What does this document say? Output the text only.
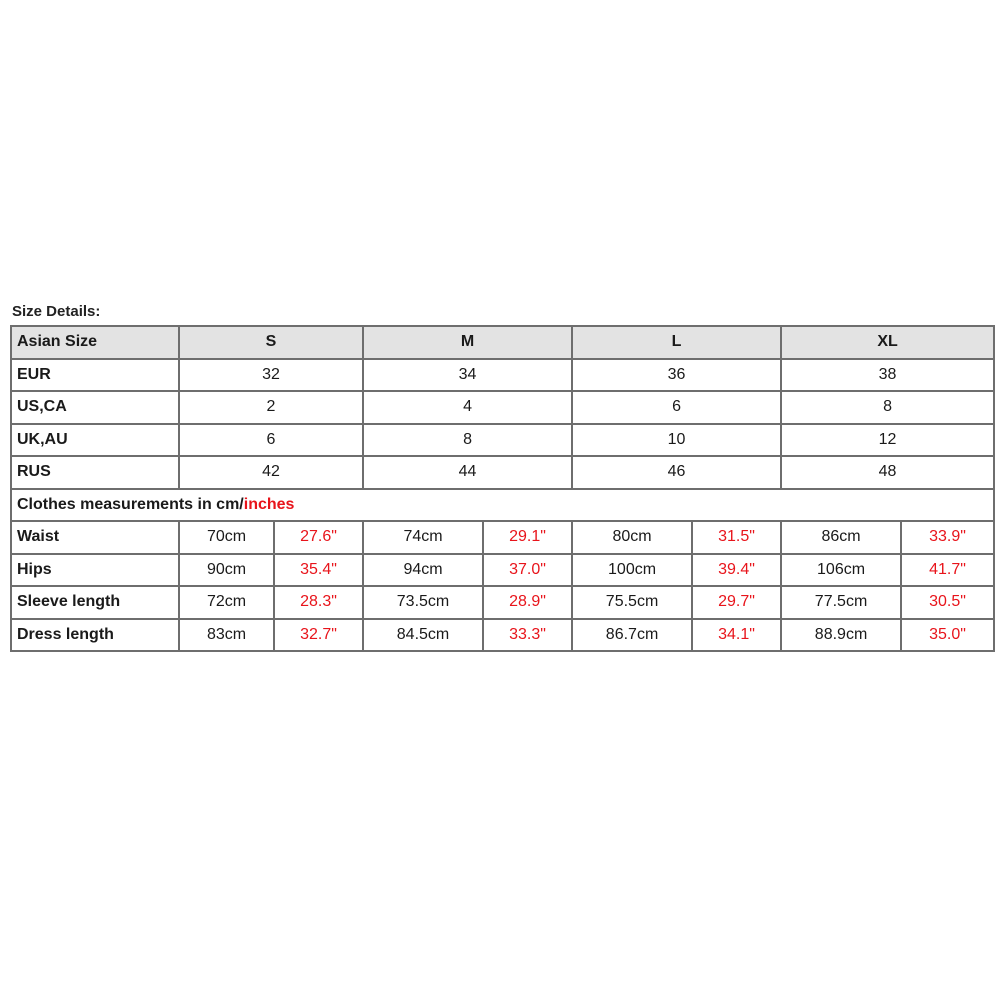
Size Details:
Asian Size	S		M		L		XL	
EUR	32		34		36		38	
US,CA	2		4		6		8	
UK,AU	6		8		10		12	
RUS	42		44		46		48	
Clothes measurements in cm/inches								
Waist	70cm	27.6"	74cm	29.1"	80cm	31.5"	86cm	33.9"
Hips	90cm	35.4"	94cm	37.0"	100cm	39.4"	106cm	41.7"
Sleeve length	72cm	28.3"	73.5cm	28.9"	75.5cm	29.7"	77.5cm	30.5"
Dress length	83cm	32.7"	84.5cm	33.3"	86.7cm	34.1"	88.9cm	35.0"
